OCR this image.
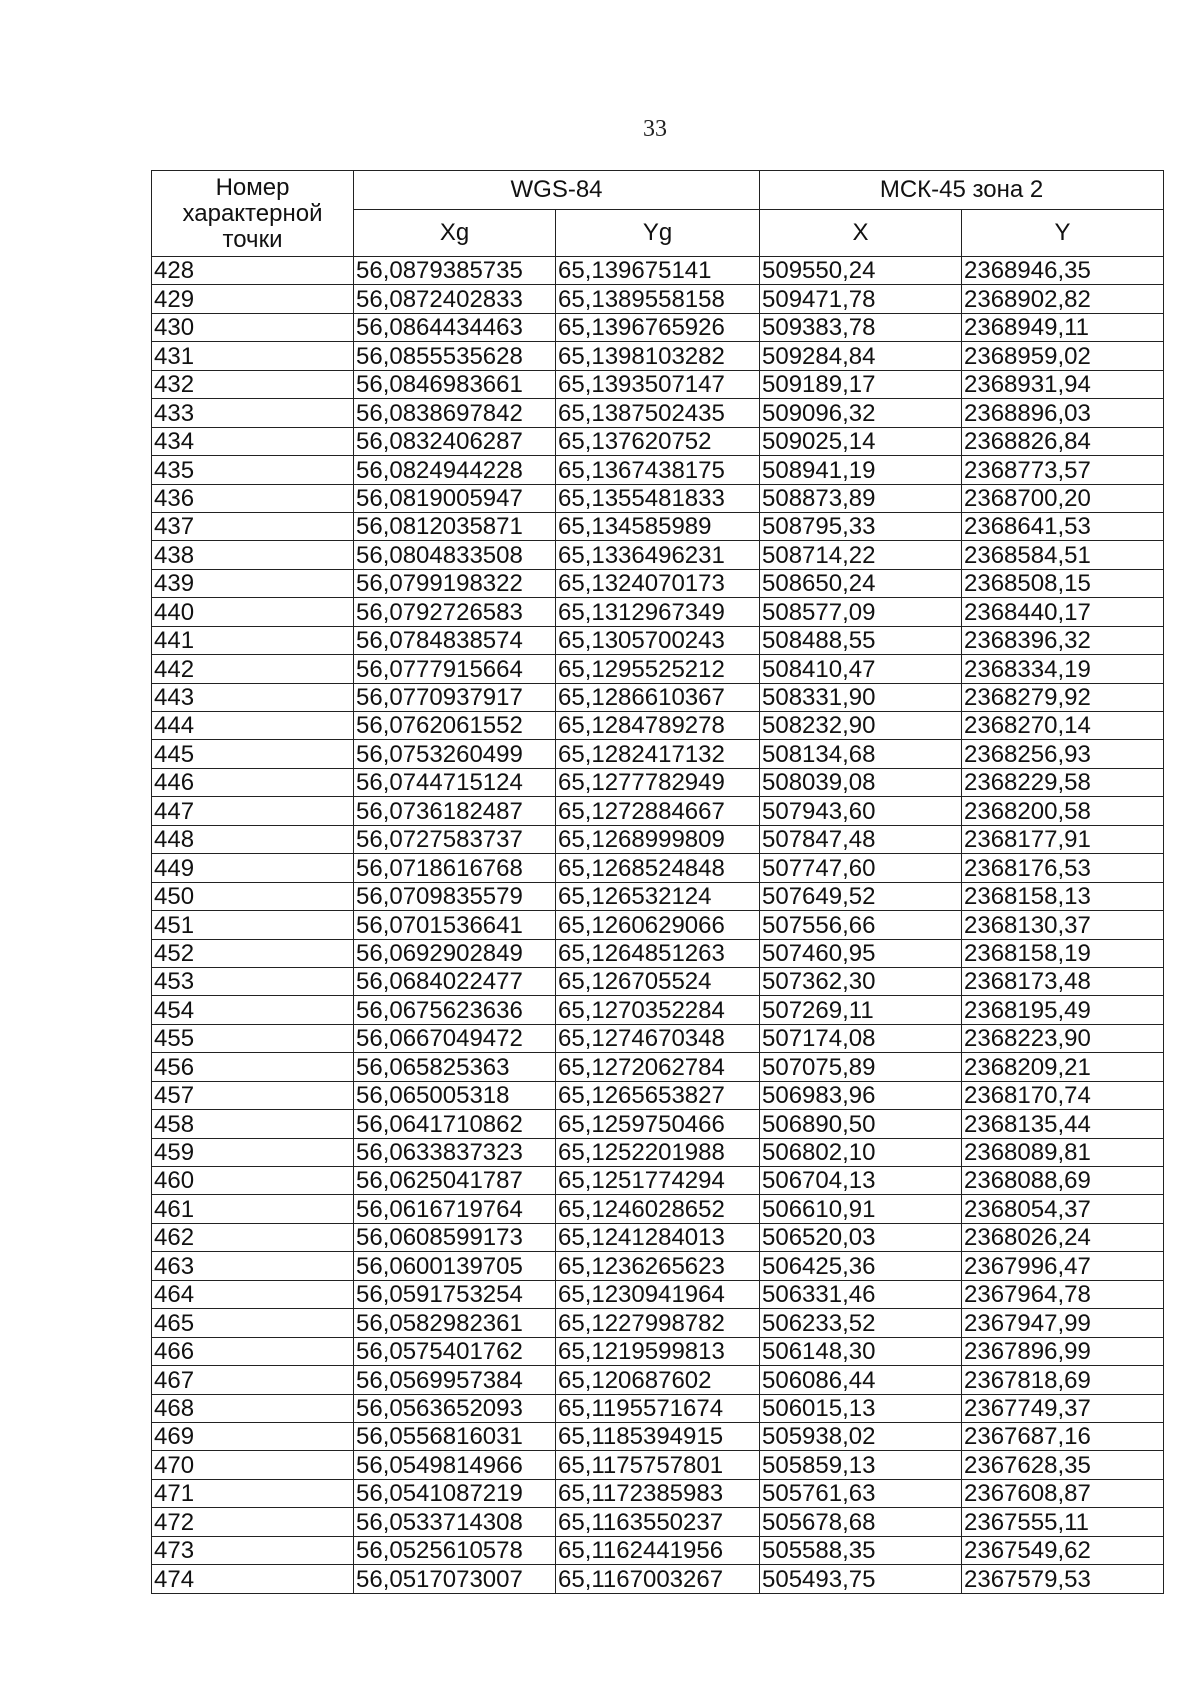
33
Номер
характерной
точки	WGS-84		МСК-45 зона 2	
	Xg	Yg	X	Y
428	56,0879385735	65,139675141	509550,24	2368946,35
429	56,0872402833	65,1389558158	509471,78	2368902,82
430	56,0864434463	65,1396765926	509383,78	2368949,11
431	56,0855535628	65,1398103282	509284,84	2368959,02
432	56,0846983661	65,1393507147	509189,17	2368931,94
433	56,0838697842	65,1387502435	509096,32	2368896,03
434	56,0832406287	65,137620752	509025,14	2368826,84
435	56,0824944228	65,1367438175	508941,19	2368773,57
436	56,0819005947	65,1355481833	508873,89	2368700,20
437	56,0812035871	65,134585989	508795,33	2368641,53
438	56,0804833508	65,1336496231	508714,22	2368584,51
439	56,0799198322	65,1324070173	508650,24	2368508,15
440	56,0792726583	65,1312967349	508577,09	2368440,17
441	56,0784838574	65,1305700243	508488,55	2368396,32
442	56,0777915664	65,1295525212	508410,47	2368334,19
443	56,0770937917	65,1286610367	508331,90	2368279,92
444	56,0762061552	65,1284789278	508232,90	2368270,14
445	56,0753260499	65,1282417132	508134,68	2368256,93
446	56,0744715124	65,1277782949	508039,08	2368229,58
447	56,0736182487	65,1272884667	507943,60	2368200,58
448	56,0727583737	65,1268999809	507847,48	2368177,91
449	56,0718616768	65,1268524848	507747,60	2368176,53
450	56,0709835579	65,126532124	507649,52	2368158,13
451	56,0701536641	65,1260629066	507556,66	2368130,37
452	56,0692902849	65,1264851263	507460,95	2368158,19
453	56,0684022477	65,126705524	507362,30	2368173,48
454	56,0675623636	65,1270352284	507269,11	2368195,49
455	56,0667049472	65,1274670348	507174,08	2368223,90
456	56,065825363	65,1272062784	507075,89	2368209,21
457	56,065005318	65,1265653827	506983,96	2368170,74
458	56,0641710862	65,1259750466	506890,50	2368135,44
459	56,0633837323	65,1252201988	506802,10	2368089,81
460	56,0625041787	65,1251774294	506704,13	2368088,69
461	56,0616719764	65,1246028652	506610,91	2368054,37
462	56,0608599173	65,1241284013	506520,03	2368026,24
463	56,0600139705	65,1236265623	506425,36	2367996,47
464	56,0591753254	65,1230941964	506331,46	2367964,78
465	56,0582982361	65,1227998782	506233,52	2367947,99
466	56,0575401762	65,1219599813	506148,30	2367896,99
467	56,0569957384	65,120687602	506086,44	2367818,69
468	56,0563652093	65,1195571674	506015,13	2367749,37
469	56,0556816031	65,1185394915	505938,02	2367687,16
470	56,0549814966	65,1175757801	505859,13	2367628,35
471	56,0541087219	65,1172385983	505761,63	2367608,87
472	56,0533714308	65,1163550237	505678,68	2367555,11
473	56,0525610578	65,1162441956	505588,35	2367549,62
474	56,0517073007	65,1167003267	505493,75	2367579,53
